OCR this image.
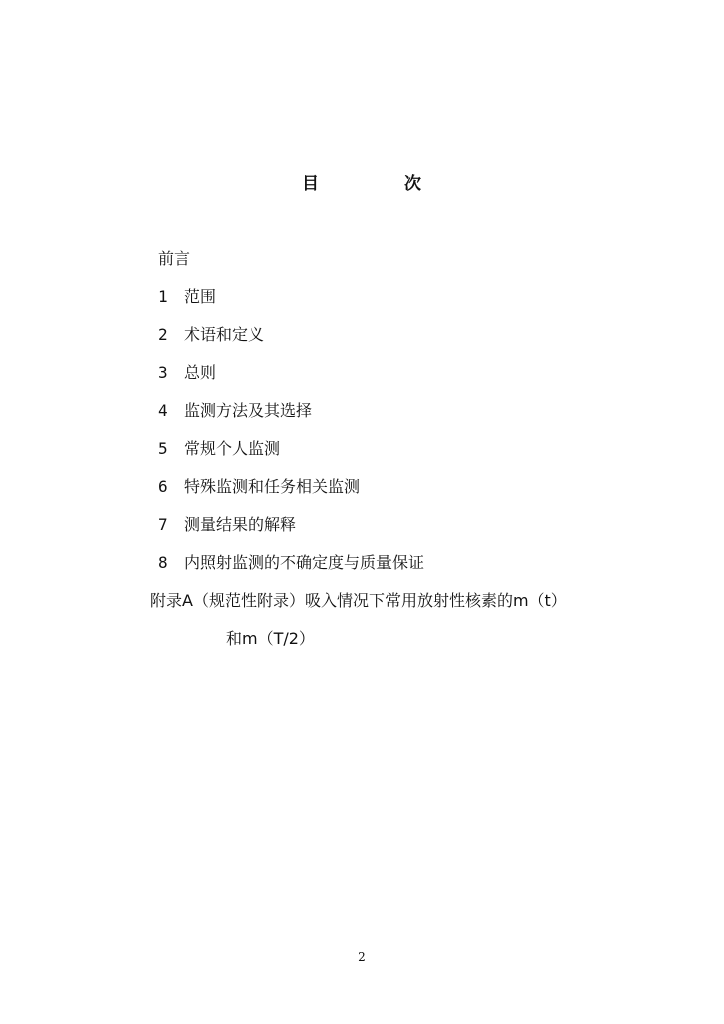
目	次
前言
1 范围
2 术语和定义
3 总则
4 监测方法及其选择
5 常规个人监测
6 特殊监测和任务相关监测
7 测量结果的解释
8 内照射监测的不确定度与质量保证
附录A（规范性附录）吸入情况下常用放射性核素的m（t）
和m（T/2）
2
